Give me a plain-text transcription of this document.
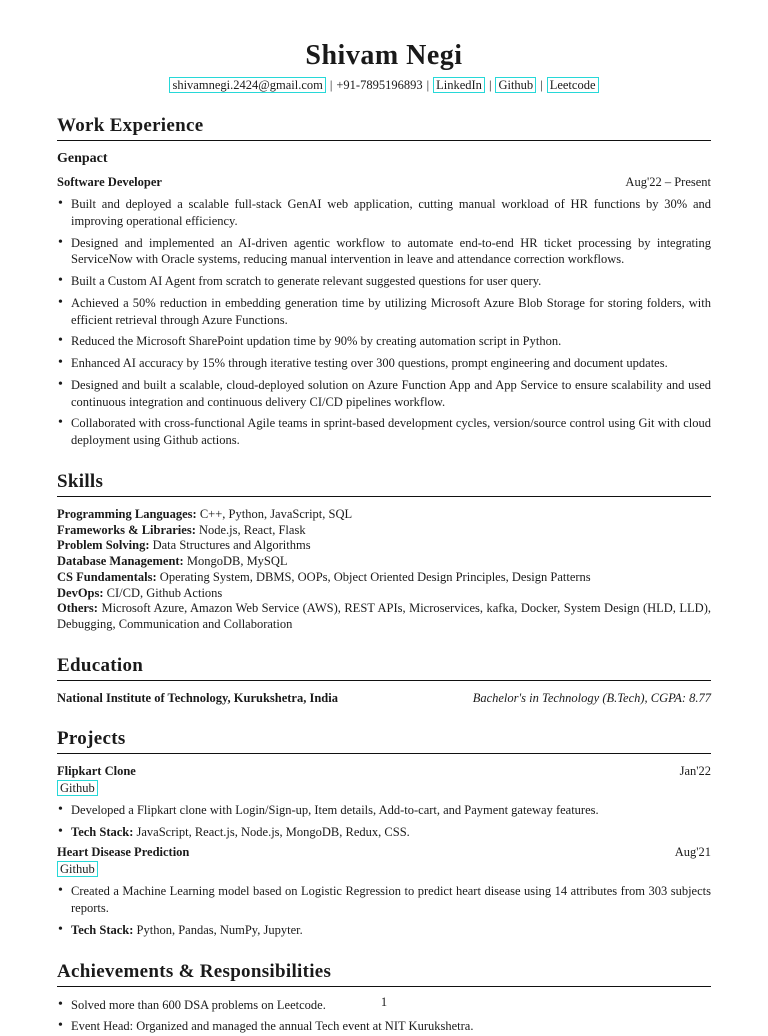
Shivam Negi
shivamnegi.2424@gmail.com | +91-7895196893 | LinkedIn | Github | Leetcode
Work Experience
Genpact
Software Developer	Aug'22 – Present
• Built and deployed a scalable full-stack GenAI web application, cutting manual workload of HR functions by 30% and improving operational efficiency.
• Designed and implemented an AI-driven agentic workflow to automate end-to-end HR ticket processing by integrating ServiceNow with Oracle systems, reducing manual intervention in leave and attendance correction workflows.
• Built a Custom AI Agent from scratch to generate relevant suggested questions for user query.
• Achieved a 50% reduction in embedding generation time by utilizing Microsoft Azure Blob Storage for storing folders, with efficient retrieval through Azure Functions.
• Reduced the Microsoft SharePoint updation time by 90% by creating automation script in Python.
• Enhanced AI accuracy by 15% through iterative testing over 300 questions, prompt engineering and document updates.
• Designed and built a scalable, cloud-deployed solution on Azure Function App and App Service to ensure scalability and used continuous integration and continuous delivery CI/CD pipelines workflow.
• Collaborated with cross-functional Agile teams in sprint-based development cycles, version/source control using Git with cloud deployment using Github actions.
Skills

Programming Languages: C++, Python, JavaScript, SQL

Frameworks & Libraries: Node.js, React, Flask

Problem Solving: Data Structures and Algorithms

Database Management: MongoDB, MySQL

CS Fundamentals: Operating System, DBMS, OOPs, Object Oriented Design Principles, Design Patterns

DevOps: CI/CD, Github Actions

Others: Microsoft Azure, Amazon Web Service (AWS), REST APIs, Microservices, kafka, Docker, System Design (HLD, LLD), Debugging, Communication and Collaboration

Education
National Institute of Technology, Kurukshetra, India	Bachelor's in Technology (B.Tech), CGPA: 8.77
Projects
Flipkart Clone	Jan'22
Github
• Developed a Flipkart clone with Login/Sign-up, Item details, Add-to-cart, and Payment gateway features.
• Tech Stack: JavaScript, React.js, Node.js, MongoDB, Redux, CSS.
Heart Disease Prediction	Aug'21
Github
• Created a Machine Learning model based on Logistic Regression to predict heart disease using 14 attributes from 303 subjects reports.
• Tech Stack: Python, Pandas, NumPy, Jupyter.
Achievements & Responsibilities
• Solved more than 600 DSA problems on Leetcode.
• Event Head: Organized and managed the annual Tech event at NIT Kurukshetra.
1
